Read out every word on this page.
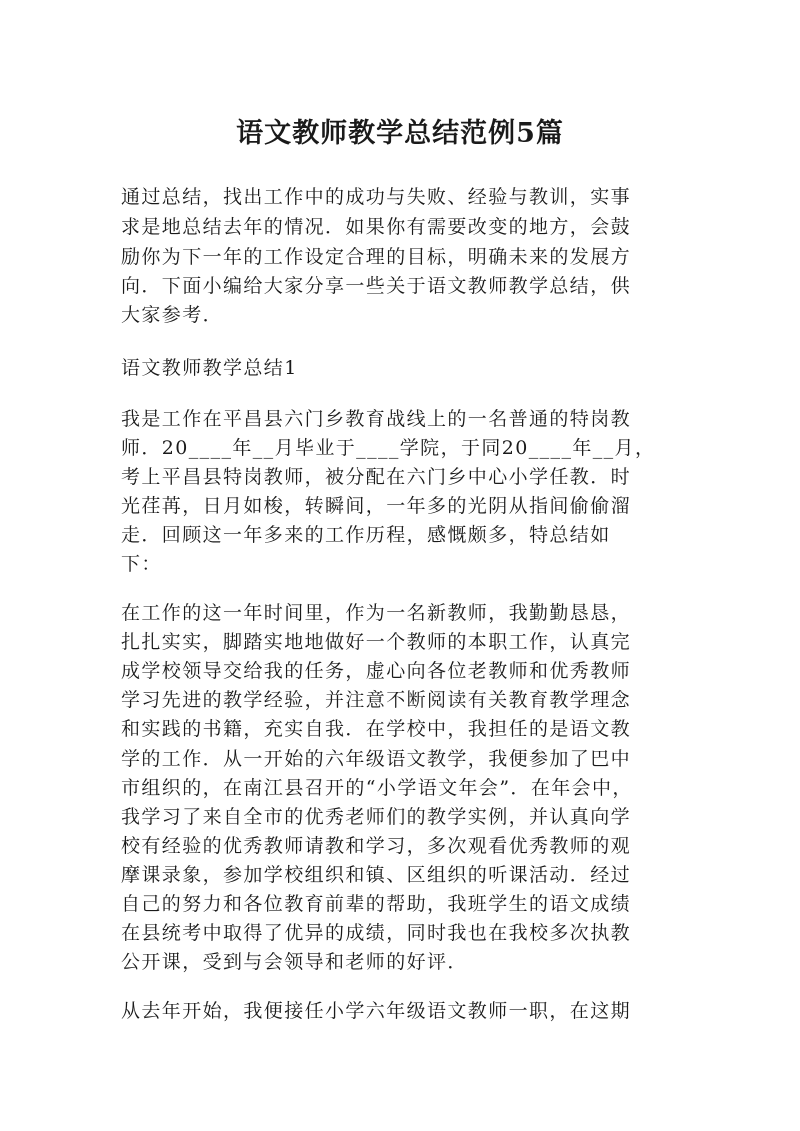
语文教师教学总结范例5篇
通过总结，找出工作中的成功与失败、经验与教训，实事
求是地总结去年的情况．如果你有需要改变的地方，会鼓
励你为下一年的工作设定合理的目标，明确未来的发展方
向．下面小编给大家分享一些关于语文教师教学总结，供
大家参考．
语文教师教学总结1
我是工作在平昌县六门乡教育战线上的一名普通的特岗教
师．20____年__月毕业于____学院，于同20____年__月，
考上平昌县特岗教师，被分配在六门乡中心小学任教．时
光荏苒，日月如梭，转瞬间，一年多的光阴从指间偷偷溜
走．回顾这一年多来的工作历程，感慨颇多，特总结如
下：
在工作的这一年时间里，作为一名新教师，我勤勤恳恳，
扎扎实实，脚踏实地地做好一个教师的本职工作，认真完
成学校领导交给我的任务，虚心向各位老教师和优秀教师
学习先进的教学经验，并注意不断阅读有关教育教学理念
和实践的书籍，充实自我．在学校中，我担任的是语文教
学的工作．从一开始的六年级语文教学，我便参加了巴中
市组织的，在南江县召开的“小学语文年会”．在年会中，
我学习了来自全市的优秀老师们的教学实例，并认真向学
校有经验的优秀教师请教和学习，多次观看优秀教师的观
摩课录象，参加学校组织和镇、区组织的听课活动．经过
自己的努力和各位教育前辈的帮助，我班学生的语文成绩
在县统考中取得了优异的成绩，同时我也在我校多次执教
公开课，受到与会领导和老师的好评．
从去年开始，我便接任小学六年级语文教师一职，在这期
